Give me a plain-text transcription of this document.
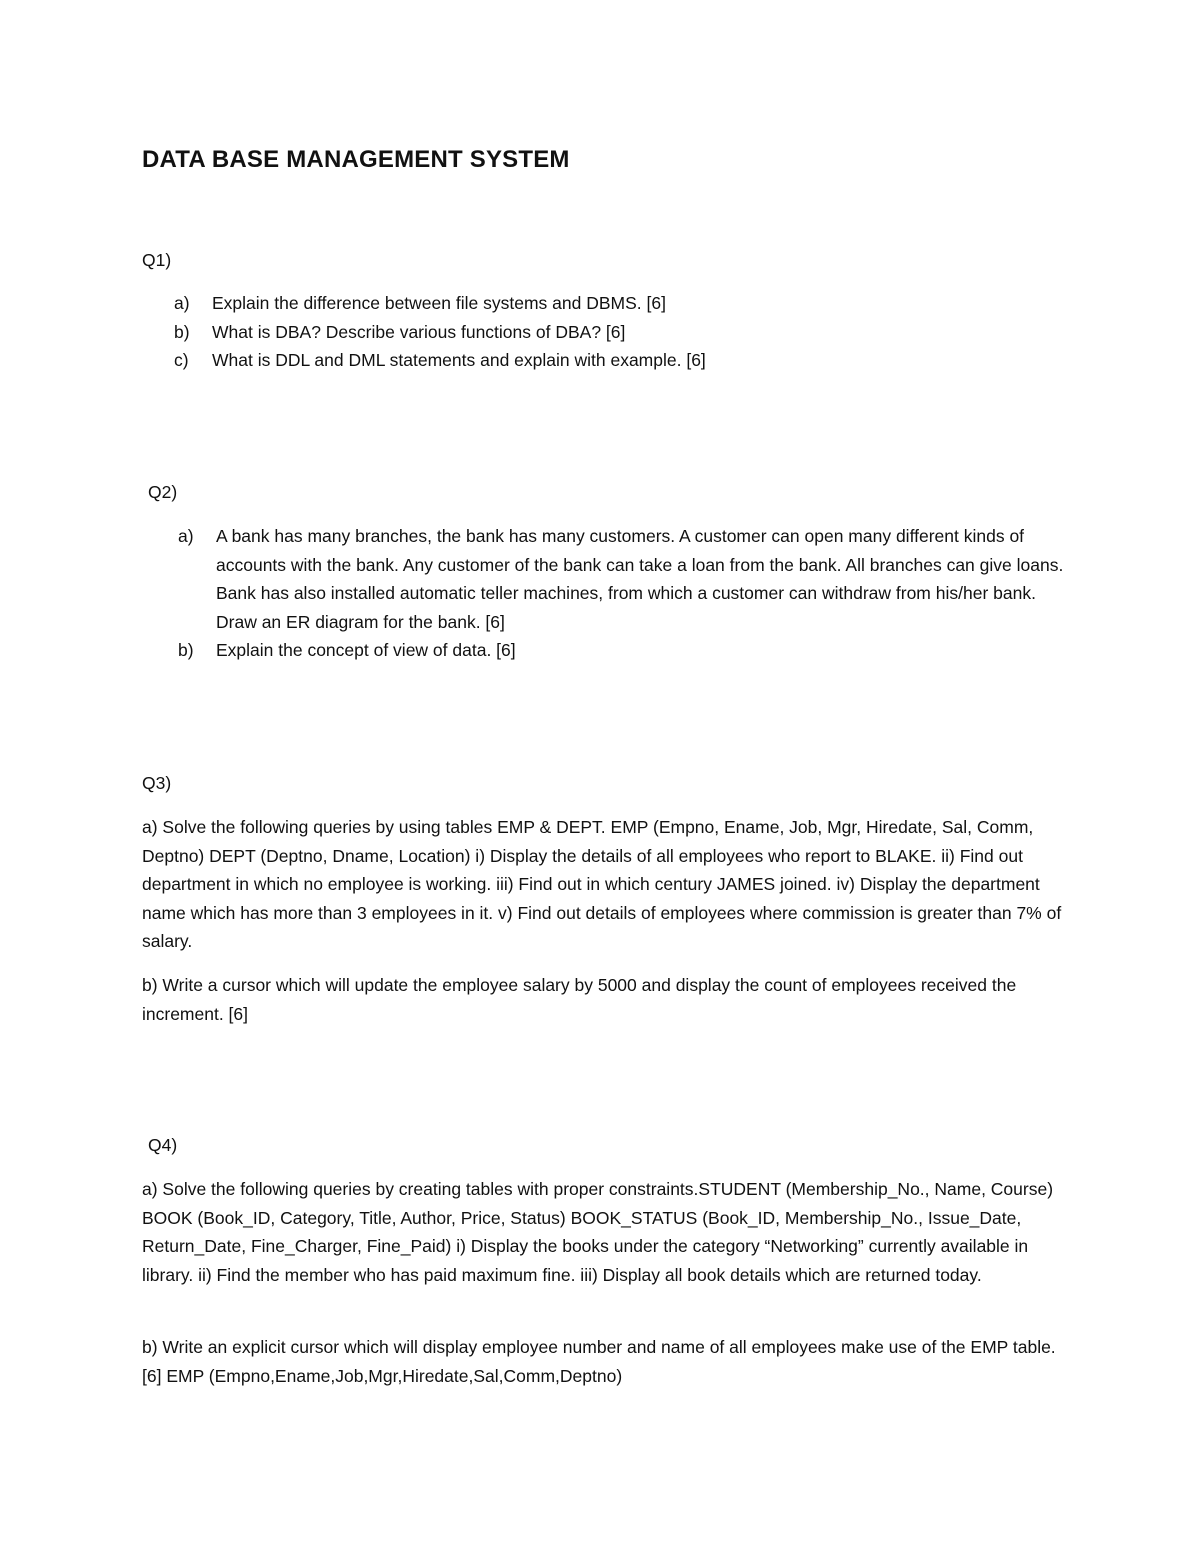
DATA BASE MANAGEMENT SYSTEM
Q1)
a) Explain the difference between file systems and DBMS. [6]
b) What is DBA? Describe various functions of DBA? [6]
c) What is DDL and DML statements and explain with example. [6]
Q2)
a) A bank has many branches, the bank has many customers. A customer can open many different kinds of accounts with the bank. Any customer of the bank can take a loan from the bank. All branches can give loans. Bank has also installed automatic teller machines, from which a customer can withdraw from his/her bank. Draw an ER diagram for the bank. [6]
b) Explain the concept of view of data. [6]
Q3)

a) Solve the following queries by using tables EMP & DEPT. EMP (Empno, Ename, Job, Mgr, Hiredate, Sal, Comm, Deptno) DEPT (Deptno, Dname, Location) i) Display the details of all employees who report to BLAKE. ii) Find out department in which no employee is working. iii) Find out in which century JAMES joined. iv) Display the department name which has more than 3 employees in it. v) Find out details of employees where commission is greater than 7% of salary.

b) Write a cursor which will update the employee salary by 5000 and display the count of employees received the increment. [6]

Q4)

a) Solve the following queries by creating tables with proper constraints.STUDENT (Membership_No., Name, Course) BOOK (Book_ID, Category, Title, Author, Price, Status) BOOK_STATUS (Book_ID, Membership_No., Issue_Date, Return_Date, Fine_Charger, Fine_Paid) i) Display the books under the category “Networking” currently available in library. ii) Find the member who has paid maximum fine. iii) Display all book details which are returned today.

b) Write an explicit cursor which will display employee number and name of all employees make use of the EMP table. [6] EMP (Empno,Ename,Job,Mgr,Hiredate,Sal,Comm,Deptno)
